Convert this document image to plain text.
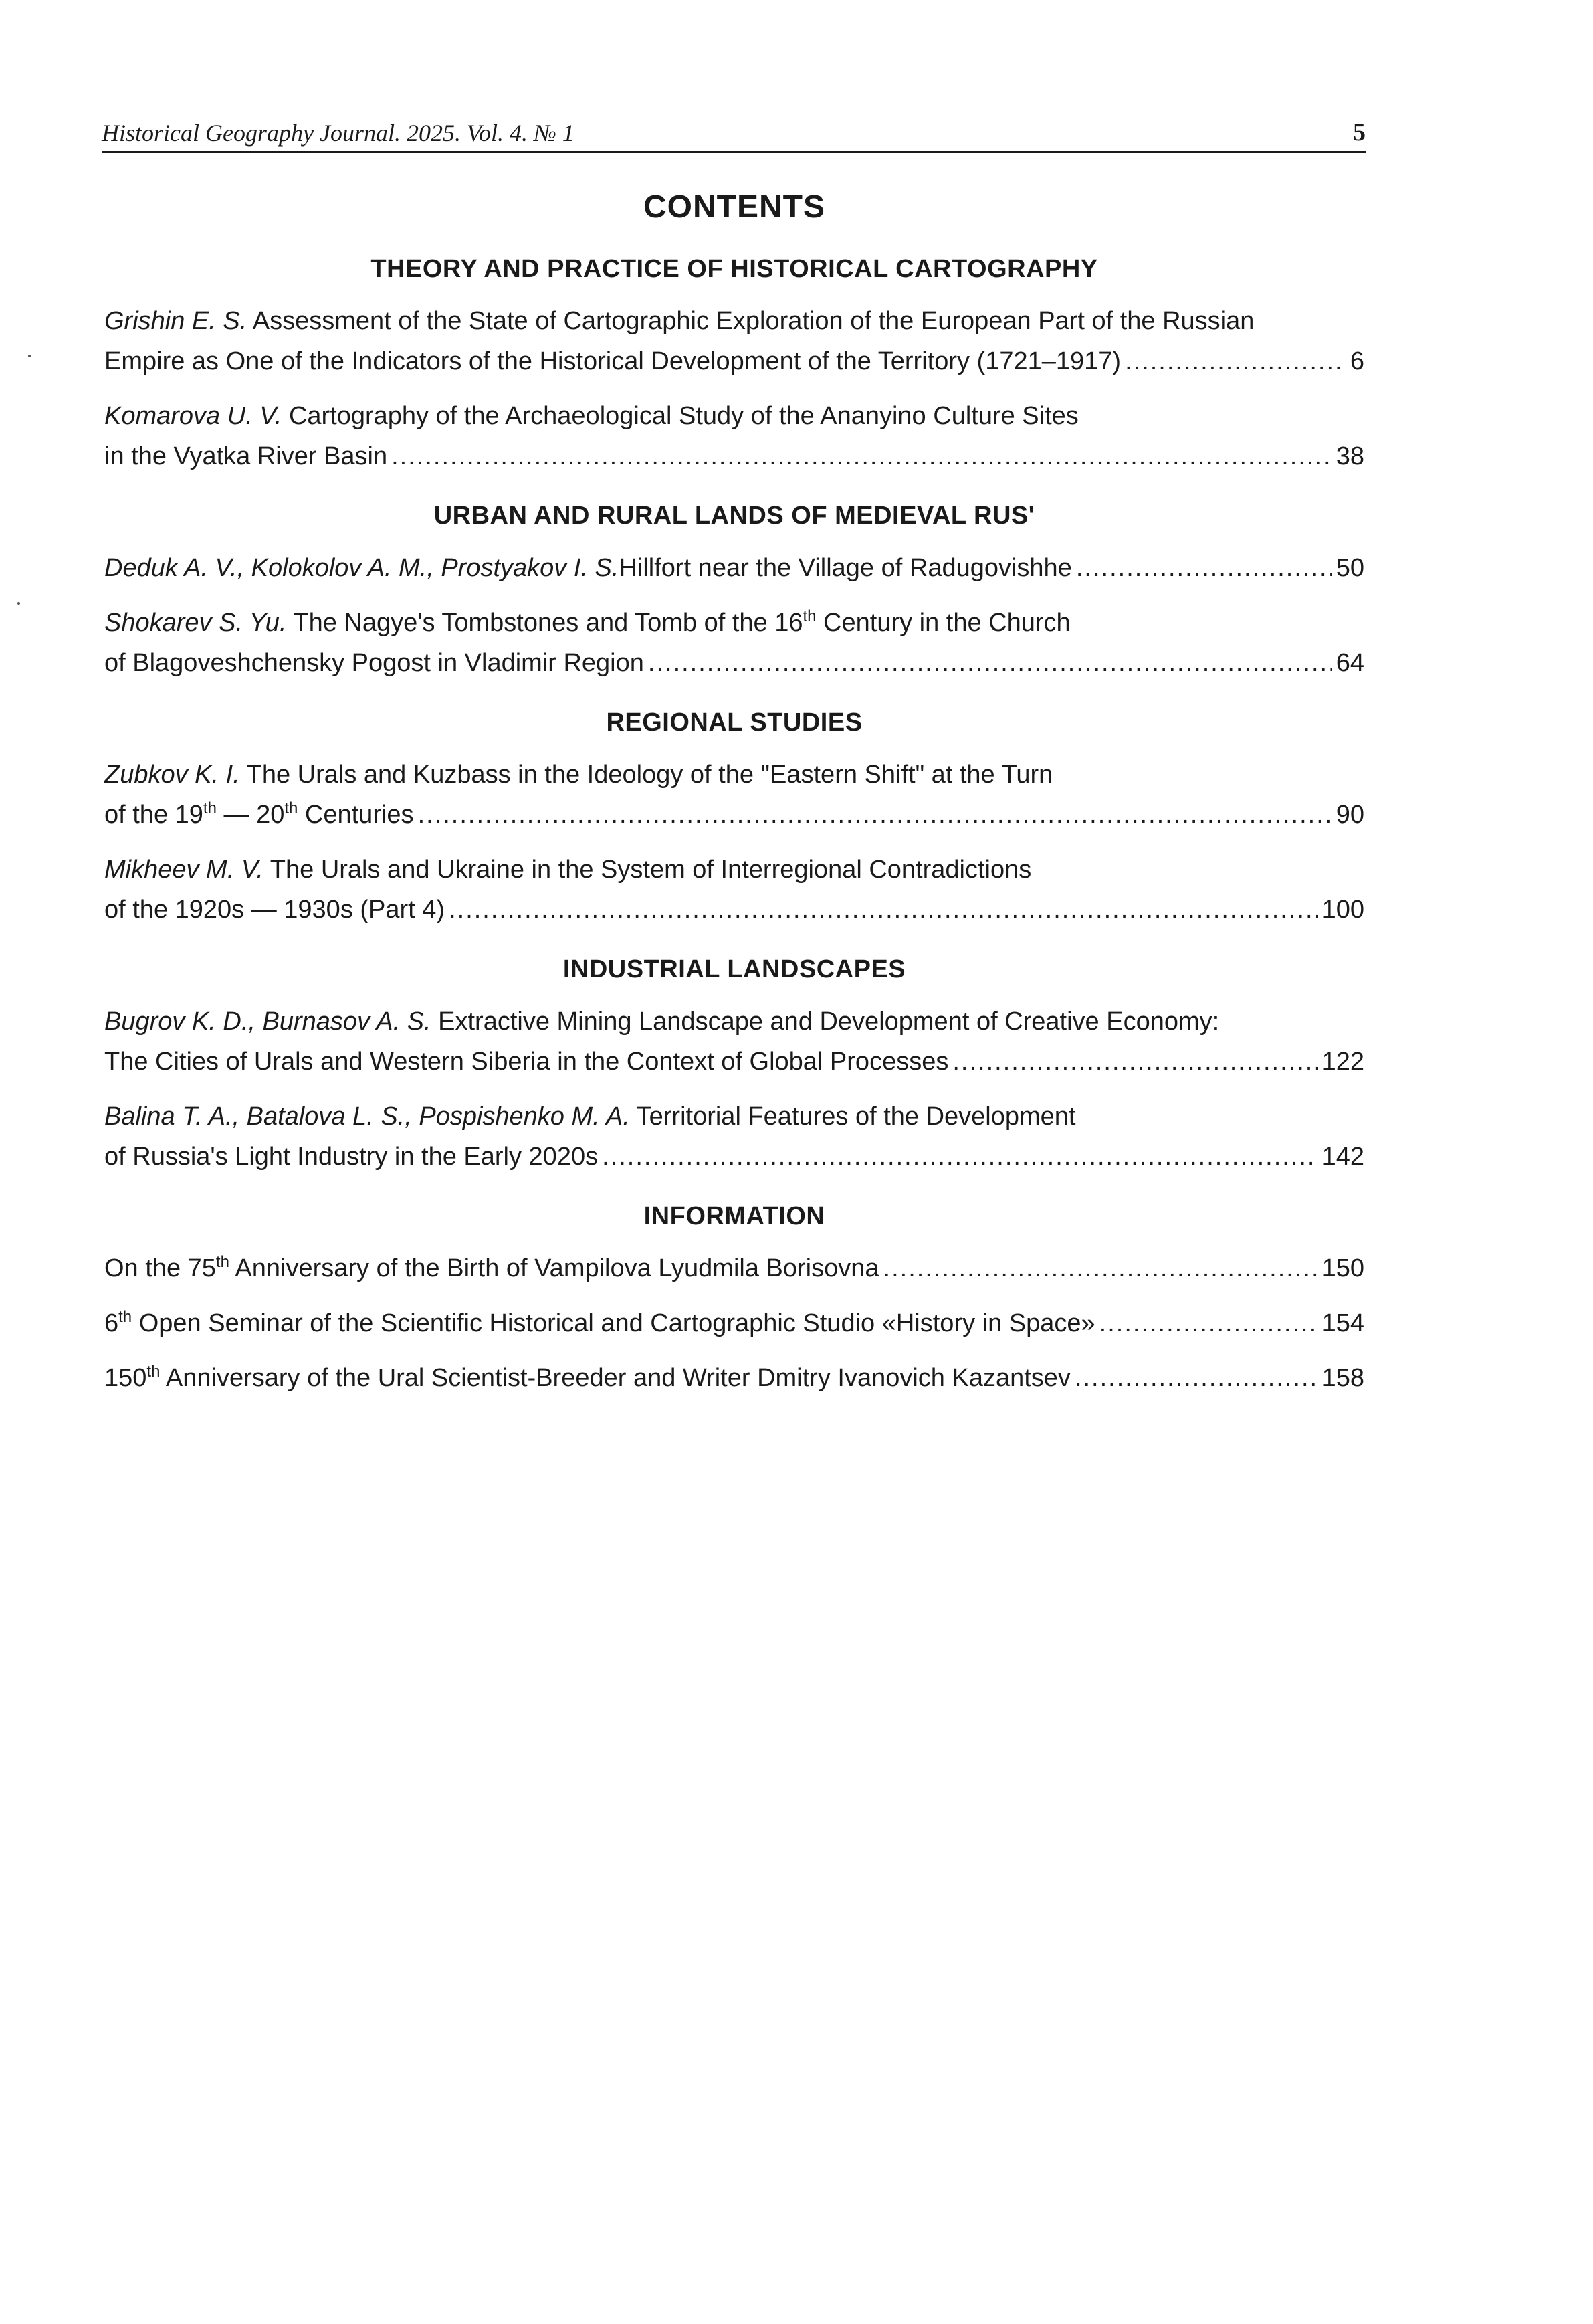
Historical Geography Journal. 2025. Vol. 4. № 1	5
CONTENTS
THEORY AND PRACTICE OF HISTORICAL CARTOGRAPHY
Grishin E. S. Assessment of the State of Cartographic Exploration of the European Part of the Russian
Empire as One of the Indicators of the Historical Development of the Territory (1721–1917) .....	6
Komarova U. V. Cartography of the Archaeological Study of the Ananyino Culture Sites
in the Vyatka River Basin .....	38
URBAN AND RURAL LANDS OF MEDIEVAL RUS'
Deduk A. V., Kolokolov A. M., Prostyakov I. S. Hillfort near the Village of Radugovishhe .....	50
Shokarev S. Yu. The Nagye's Tombstones and Tomb of the 16th Century in the Church
of Blagoveshchensky Pogost in Vladimir Region .....	64
REGIONAL STUDIES
Zubkov K. I. The Urals and Kuzbass in the Ideology of the "Eastern Shift" at the Turn
of the 19th — 20th Centuries .....	90
Mikheev M. V. The Urals and Ukraine in the System of Interregional Contradictions
of the 1920s — 1930s (Part 4) .....	100
INDUSTRIAL LANDSCAPES
Bugrov K. D., Burnasov A. S. Extractive Mining Landscape and Development of Creative Economy:
The Cities of Urals and Western Siberia in the Context of Global Processes .....	122
Balina T. A., Batalova L. S., Pospishenko M. A. Territorial Features of the Development
of Russia's Light Industry in the Early 2020s .....	142
INFORMATION
On the 75th Anniversary of the Birth of Vampilova Lyudmila Borisovna .....	150
6th Open Seminar of the Scientific Historical and Cartographic Studio «History in Space» .....	154
150th Anniversary of the Ural Scientist-Breeder and Writer Dmitry Ivanovich Kazantsev .....	158
